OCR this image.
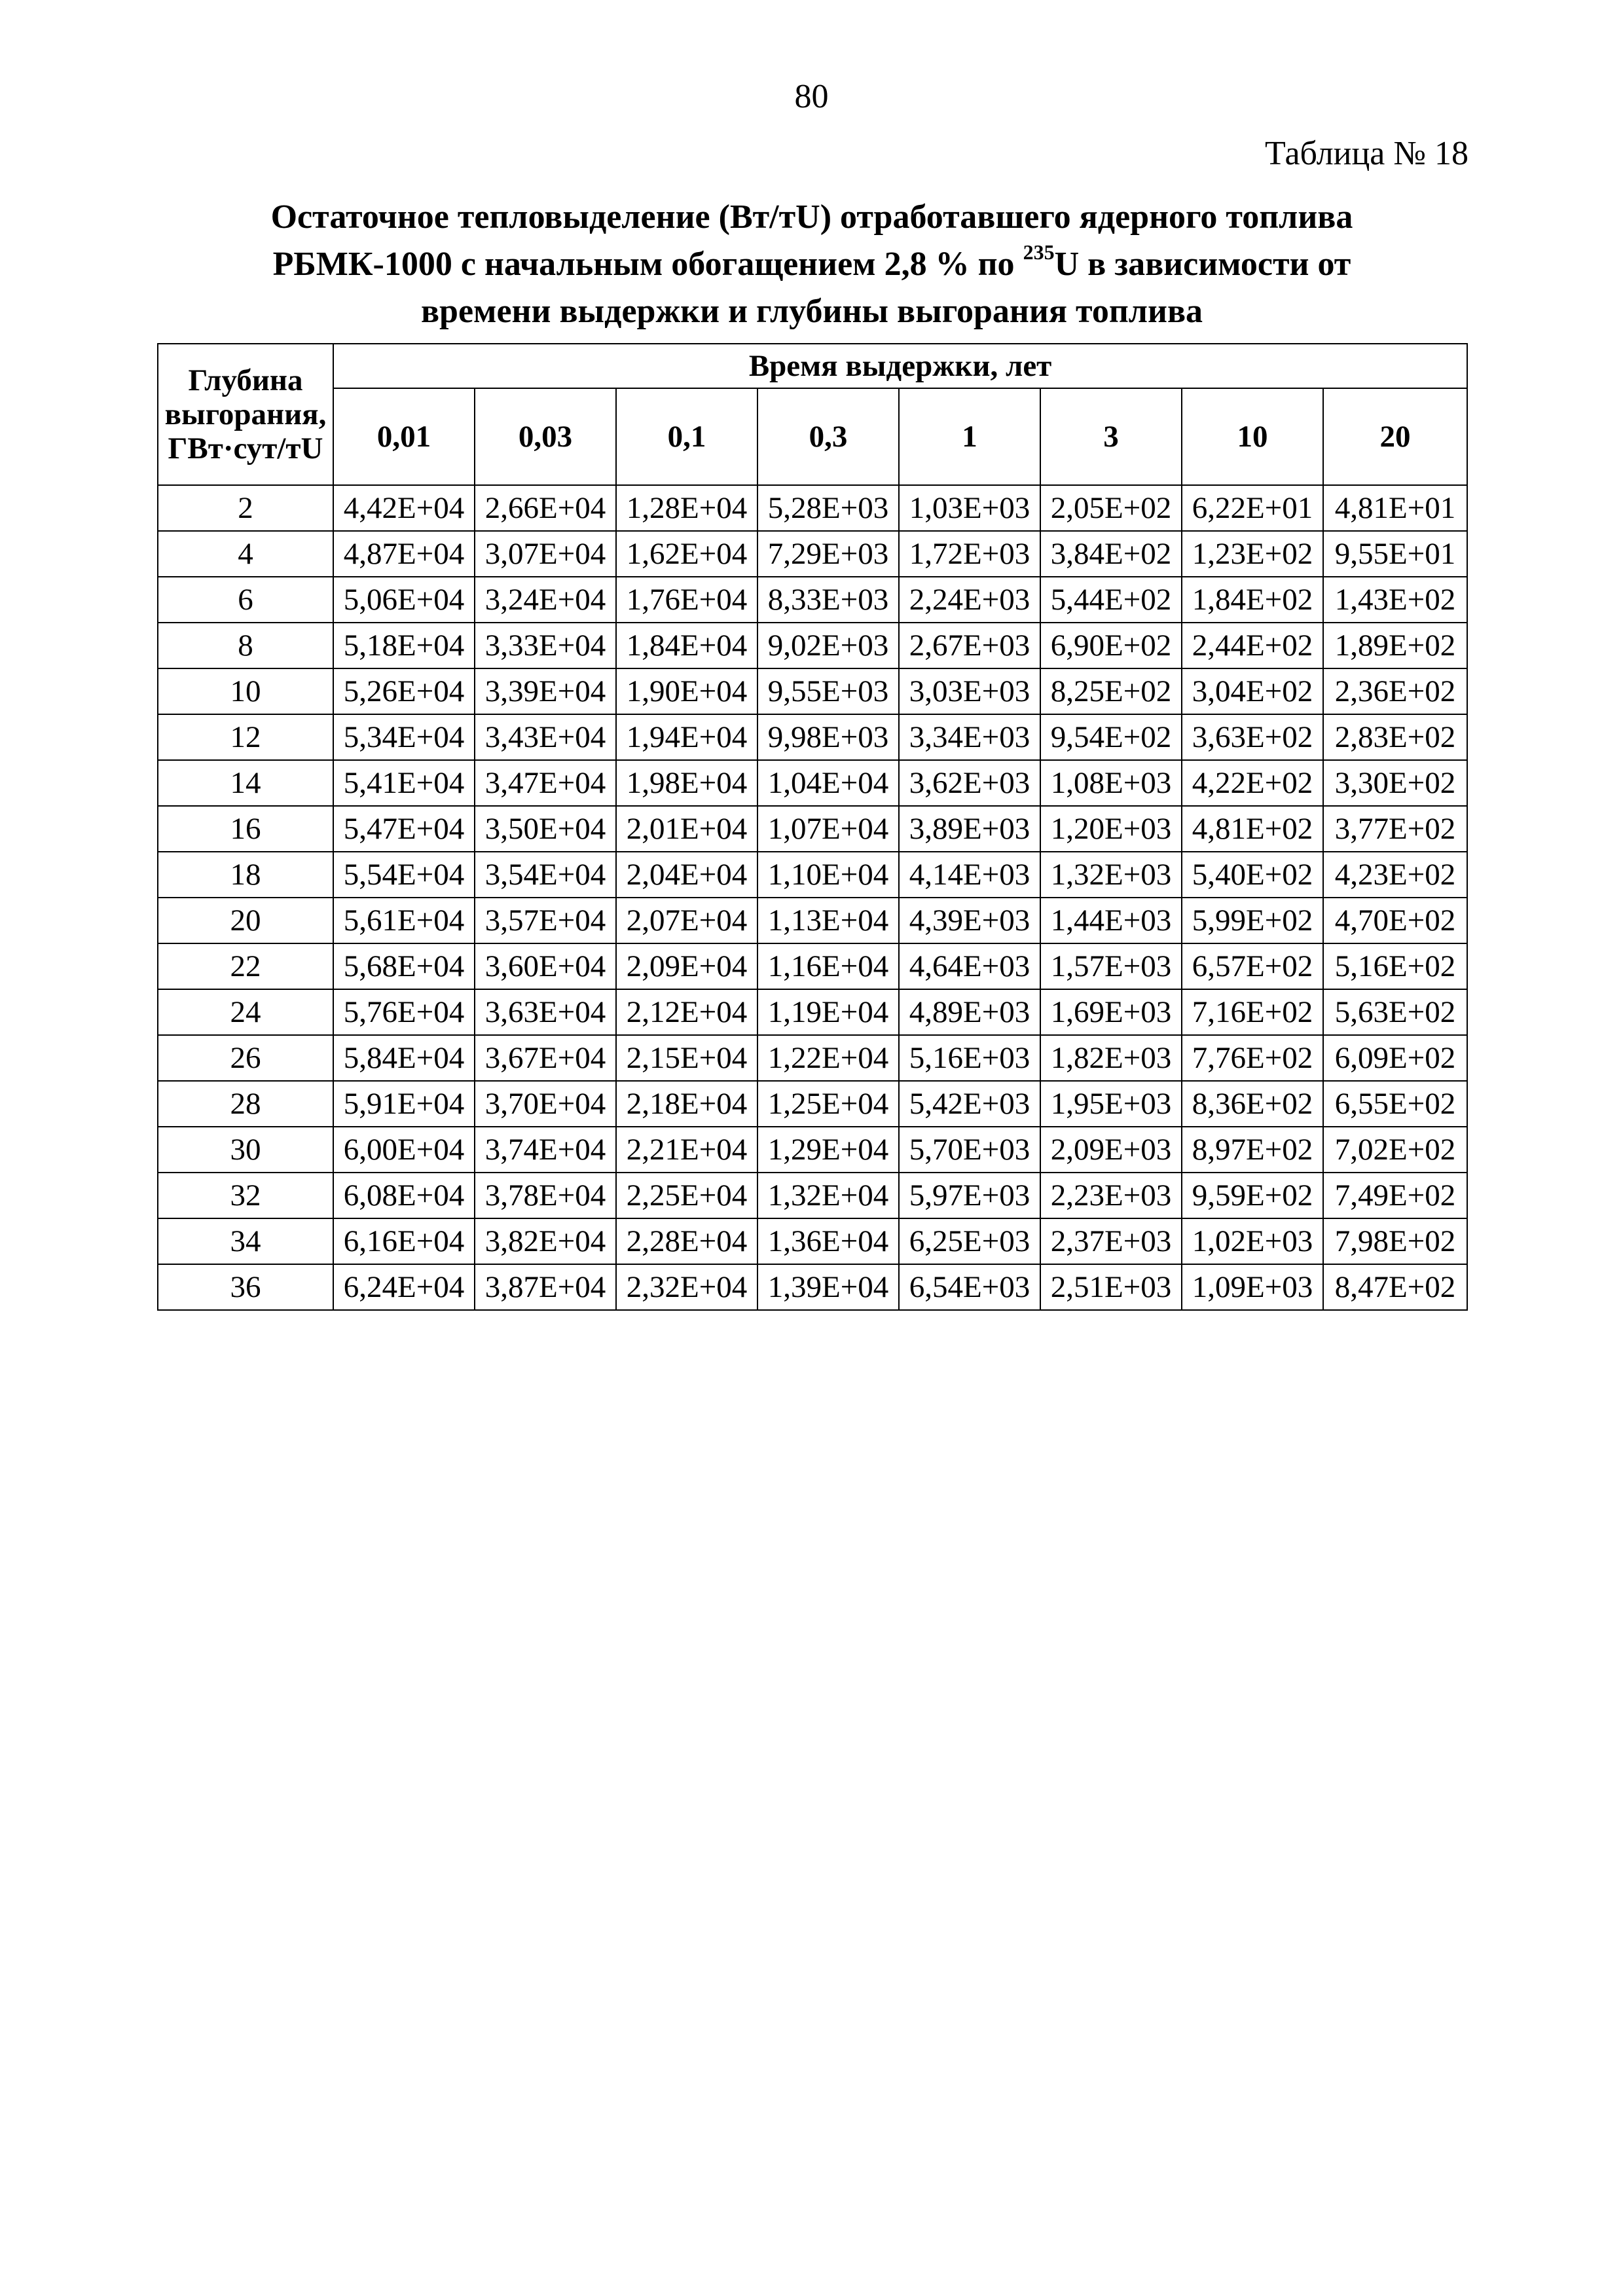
80
Таблица № 18
Остаточное тепловыделение (Вт/тU) отработавшего ядерного топлива
РБМК-1000 с начальным обогащением 2,8 % по $^{235}$U в зависимости от
времени выдержки и глубины выгорания топлива
Глубина
выгорания,
ГВт·сут/тU	Время выдержки, лет							
	0,01	0,03	0,1	0,3	1	3	10	20
2	4,42E+04	2,66E+04	1,28E+04	5,28E+03	1,03E+03	2,05E+02	6,22E+01	4,81E+01
4	4,87E+04	3,07E+04	1,62E+04	7,29E+03	1,72E+03	3,84E+02	1,23E+02	9,55E+01
6	5,06E+04	3,24E+04	1,76E+04	8,33E+03	2,24E+03	5,44E+02	1,84E+02	1,43E+02
8	5,18E+04	3,33E+04	1,84E+04	9,02E+03	2,67E+03	6,90E+02	2,44E+02	1,89E+02
10	5,26E+04	3,39E+04	1,90E+04	9,55E+03	3,03E+03	8,25E+02	3,04E+02	2,36E+02
12	5,34E+04	3,43E+04	1,94E+04	9,98E+03	3,34E+03	9,54E+02	3,63E+02	2,83E+02
14	5,41E+04	3,47E+04	1,98E+04	1,04E+04	3,62E+03	1,08E+03	4,22E+02	3,30E+02
16	5,47E+04	3,50E+04	2,01E+04	1,07E+04	3,89E+03	1,20E+03	4,81E+02	3,77E+02
18	5,54E+04	3,54E+04	2,04E+04	1,10E+04	4,14E+03	1,32E+03	5,40E+02	4,23E+02
20	5,61E+04	3,57E+04	2,07E+04	1,13E+04	4,39E+03	1,44E+03	5,99E+02	4,70E+02
22	5,68E+04	3,60E+04	2,09E+04	1,16E+04	4,64E+03	1,57E+03	6,57E+02	5,16E+02
24	5,76E+04	3,63E+04	2,12E+04	1,19E+04	4,89E+03	1,69E+03	7,16E+02	5,63E+02
26	5,84E+04	3,67E+04	2,15E+04	1,22E+04	5,16E+03	1,82E+03	7,76E+02	6,09E+02
28	5,91E+04	3,70E+04	2,18E+04	1,25E+04	5,42E+03	1,95E+03	8,36E+02	6,55E+02
30	6,00E+04	3,74E+04	2,21E+04	1,29E+04	5,70E+03	2,09E+03	8,97E+02	7,02E+02
32	6,08E+04	3,78E+04	2,25E+04	1,32E+04	5,97E+03	2,23E+03	9,59E+02	7,49E+02
34	6,16E+04	3,82E+04	2,28E+04	1,36E+04	6,25E+03	2,37E+03	1,02E+03	7,98E+02
36	6,24E+04	3,87E+04	2,32E+04	1,39E+04	6,54E+03	2,51E+03	1,09E+03	8,47E+02
